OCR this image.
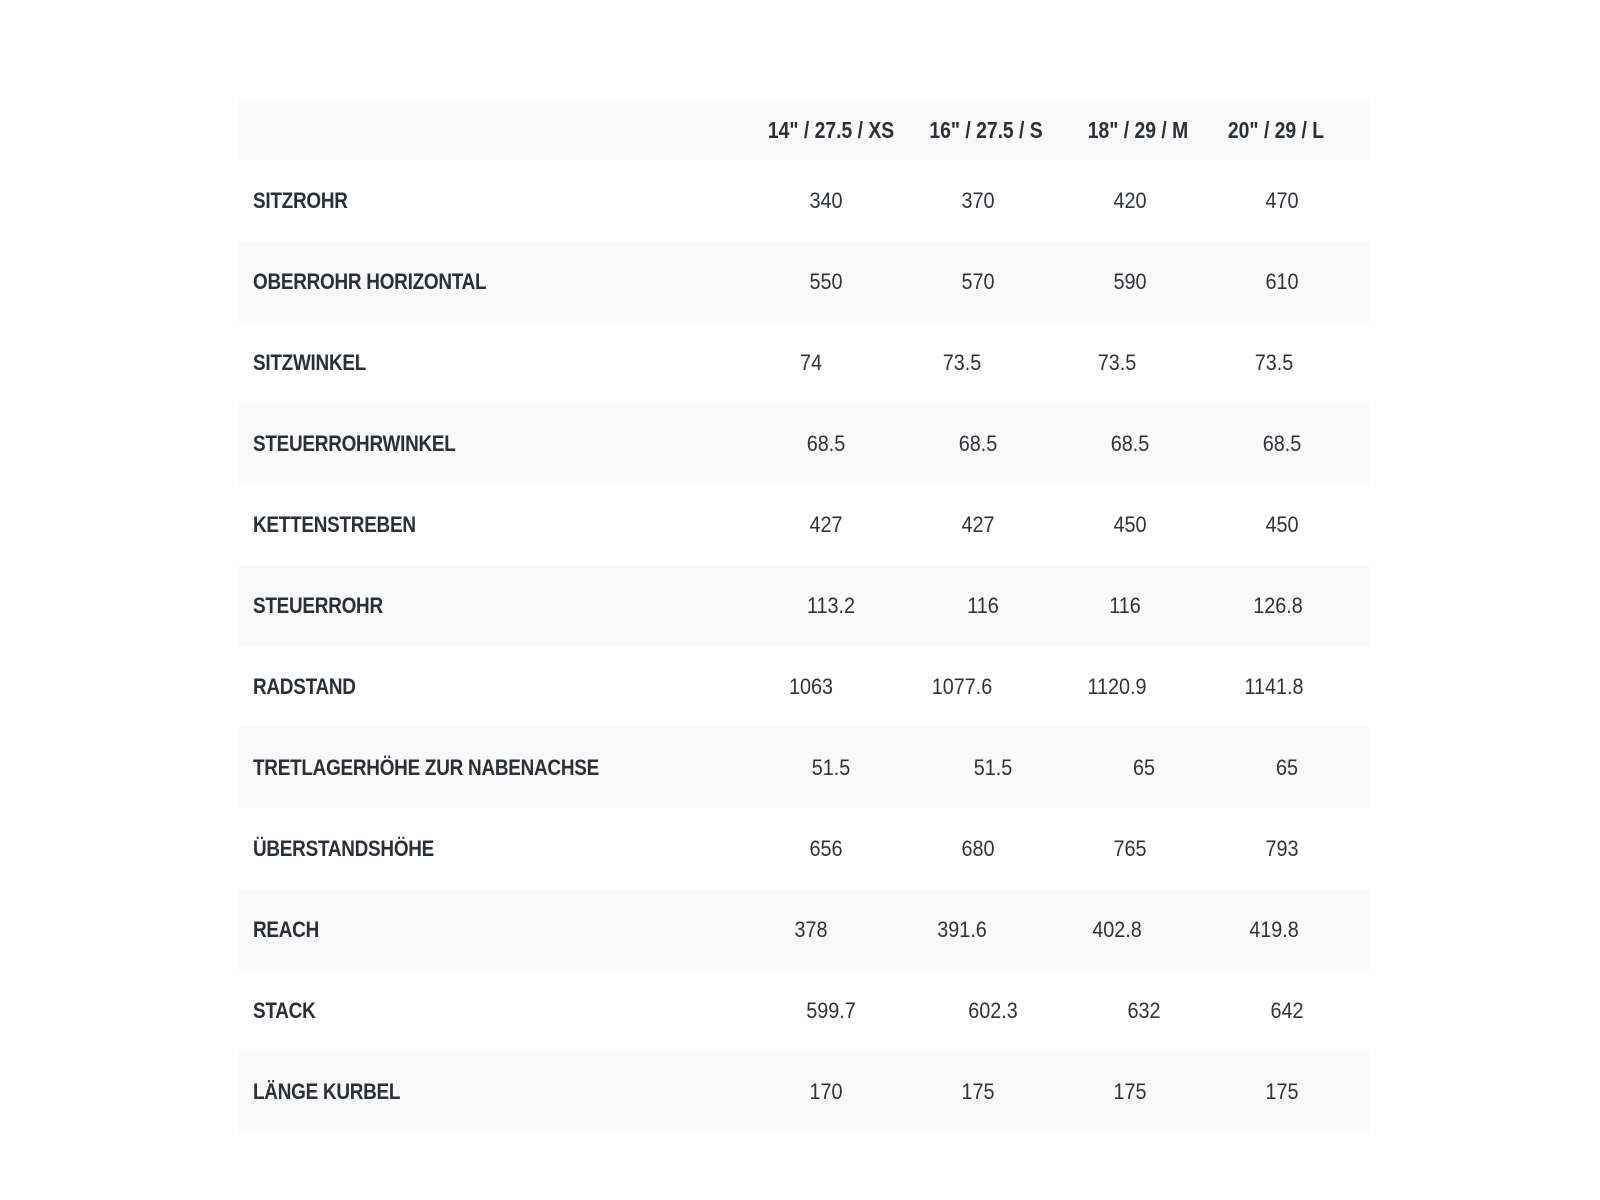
14" / 27.5 / XS	16" / 27.5 / S	18" / 29 / M	20" / 29 / L
SITZROHR	340	370	420	470
OBERROHR HORIZONTAL	550	570	590	610
SITZWINKEL	74	73.5	73.5	73.5
STEUERROHRWINKEL	68.5	68.5	68.5	68.5
KETTENSTREBEN	427	427	450	450
STEUERROHR	113.2	116	116	126.8
RADSTAND	1063	1077.6	1120.9	1141.8
TRETLAGERHÖHE ZUR NABENACHSE	51.5	51.5	65	65
ÜBERSTANDSHÖHE	656	680	765	793
REACH	378	391.6	402.8	419.8
STACK	599.7	602.3	632	642
LÄNGE KURBEL	170	175	175	175
